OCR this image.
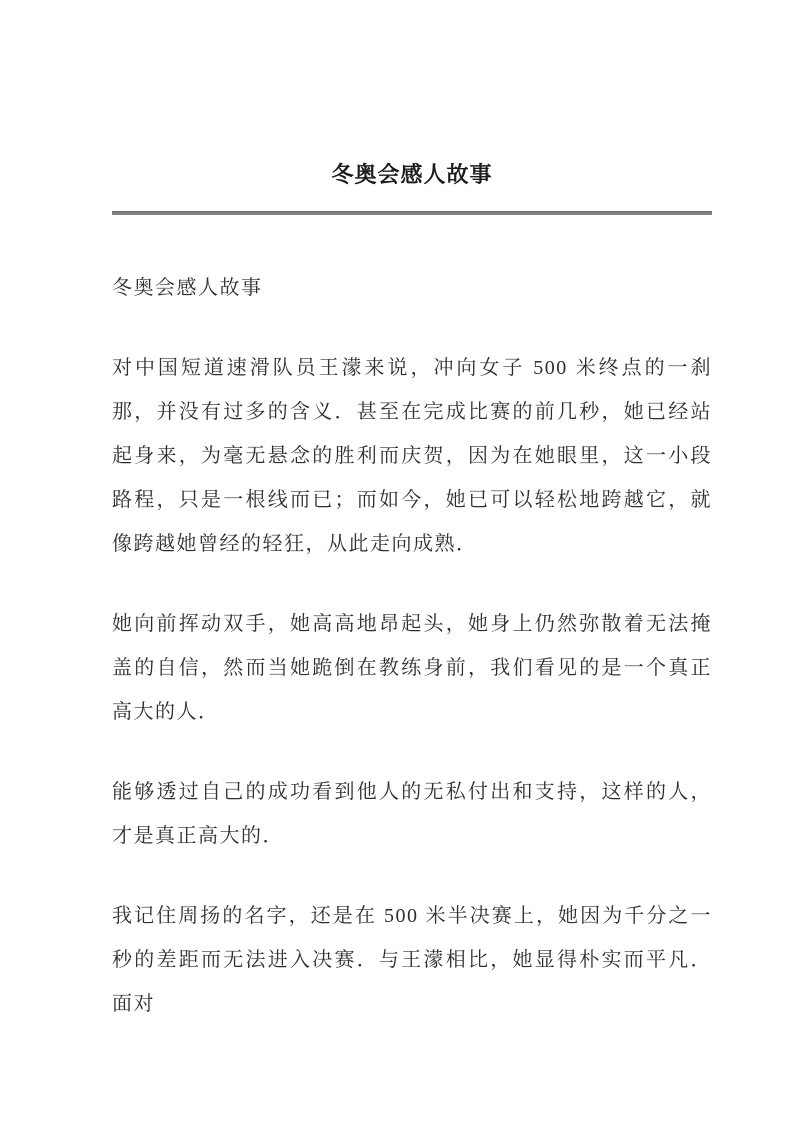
冬奥会感人故事

冬奥会感人故事

对中国短道速滑队员王濛来说，冲向女子 500 米终点的一刹那，并没有过多的含义．甚至在完成比赛的前几秒，她已经站起身来，为毫无悬念的胜利而庆贺，因为在她眼里，这一小段路程，只是一根线而已；而如今，她已可以轻松地跨越它，就像跨越她曾经的轻狂，从此走向成熟．

她向前挥动双手，她高高地昂起头，她身上仍然弥散着无法掩盖的自信，然而当她跪倒在教练身前，我们看见的是一个真正高大的人．

能够透过自己的成功看到他人的无私付出和支持，这样的人，才是真正高大的．

我记住周扬的名字，还是在 500 米半决赛上，她因为千分之一秒的差距而无法进入决赛．与王濛相比，她显得朴实而平凡．面对
